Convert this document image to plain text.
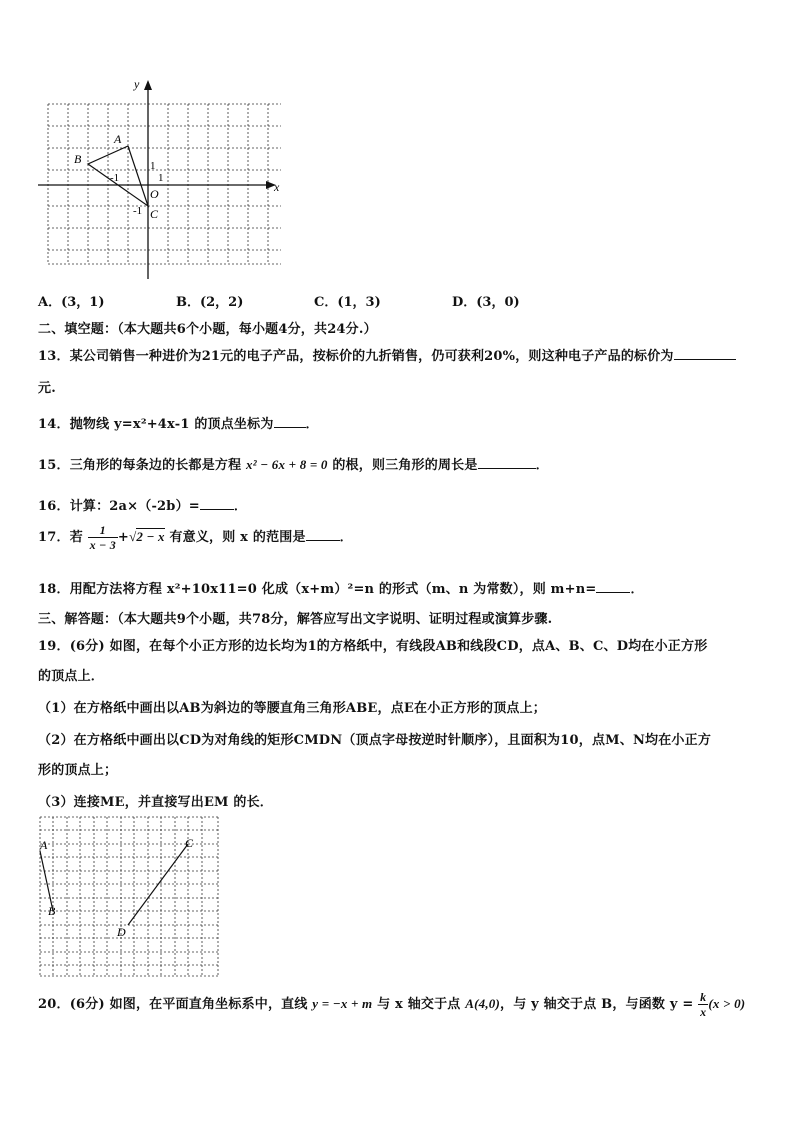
x
y
O
-1	1
1
-1
A
B
C
A．(3，1)	B．(2，2)	C．(1，3)	D．(3，0)
二、填空题：（本大题共6个小题，每小题4分，共24分.）
13．某公司销售一种进价为21元的电子产品，按标价的九折销售，仍可获利20%，则这种电子产品的标价为
元.
14．抛物线 y=x²+4x-1 的顶点坐标为 ．
15．三角形的每条边的长都是方程 x² − 6x + 8 = 0 的根，则三角形的周长是	．
16．计算：2a×（-2b）=	．
17．若 $\frac{1}{x - 3} +√2 - x$ 有意义，则 x 的范围是	．
18．用配方法将方程 x²+10x11=0 化成（x+m）²=n 的形式（m、n 为常数），则 m+n=	．
三、解答题：（本大题共9个小题，共78分，解答应写出文字说明、证明过程或演算步骤.
19．(6分) 如图，在每个小正方形的边长均为1的方格纸中，有线段AB和线段CD，点A、B、C、D均在小正方形
的顶点上．
（1）在方格纸中画出以AB为斜边的等腰直角三角形ABE，点E在小正方形的顶点上；
（2）在方格纸中画出以CD为对角线的矩形CMDN（顶点字母按逆时针顺序），且面积为10，点M、N均在小正方
形的顶点上；
（3）连接ME，并直接写出EM 的长．
A
B
C
D
20．(6分) 如图，在平面直角坐标系中，直线 y = −x + m 与 x 轴交于点 A(4,0)，与 y 轴交于点 B，与函数 $y = \frac{k}{x} (x > 0)$
